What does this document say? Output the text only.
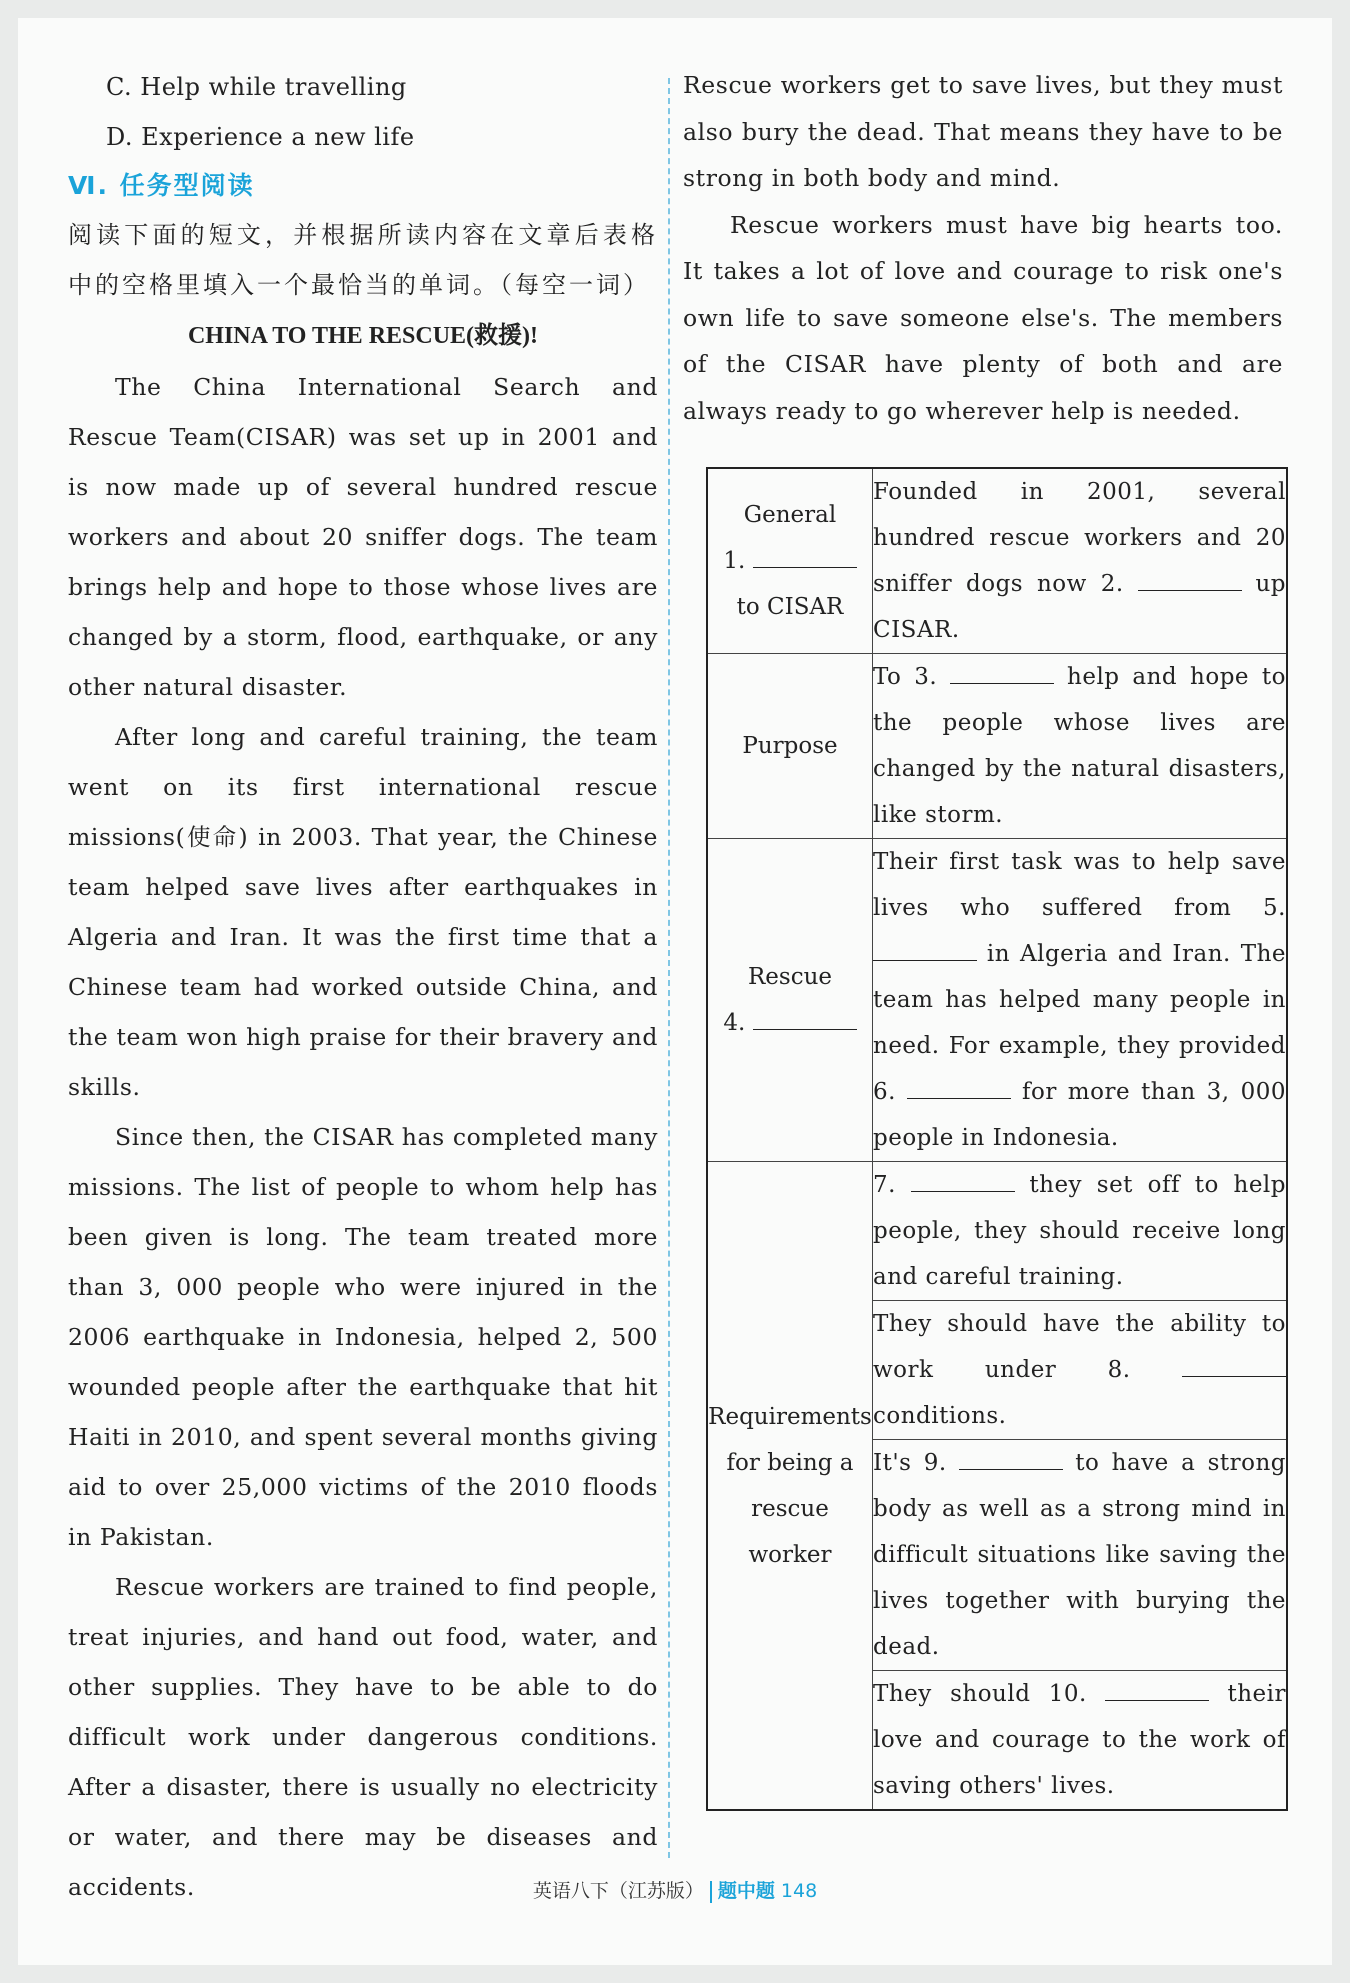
C. Help while travelling
D. Experience a new life
Ⅵ. 任务型阅读
阅读下面的短文，并根据所读内容在文章后表格中的空格里填入一个最恰当的单词。（每空一词）
CHINA TO THE RESCUE(救援)!

The China International Search and Rescue Team(CISAR) was set up in 2001 and is now made up of several hundred rescue workers and about 20 sniffer dogs. The team brings help and hope to those whose lives are changed by a storm, flood, earthquake, or any other natural disaster.

After long and careful training, the team went on its first international rescue missions(使命) in 2003. That year, the Chinese team helped save lives after earthquakes in Algeria and Iran. It was the first time that a Chinese team had worked outside China, and the team won high praise for their bravery and skills.

Since then, the CISAR has completed many missions. The list of people to whom help has been given is long. The team treated more than 3, 000 people who were injured in the 2006 earthquake in Indonesia, helped 2, 500 wounded people after the earthquake that hit Haiti in 2010, and spent several months giving aid to over 25,000 victims of the 2010 floods in Pakistan.

Rescue workers are trained to find people, treat injuries, and hand out food, water, and other supplies. They have to be able to do difficult work under dangerous conditions. After a disaster, there is usually no electricity or water, and there may be diseases and accidents.

Rescue workers get to save lives, but they must also bury the dead. That means they have to be strong in both body and mind.

Rescue workers must have big hearts too. It takes a lot of love and courage to risk one's own life to save someone else's. The members of the CISAR have plenty of both and are always ready to go wherever help is needed.

General
1.
to CISAR	Founded in 2001, several hundred rescue workers and 20 sniffer dogs now 2. up CISAR.
Purpose	To 3. help and hope to the people whose lives are changed by the natural disasters, like storm.

Rescue
4.	Their first task was to help save lives who suffered from 5.  in Algeria and Iran. The team has helped many people in need. For example, they provided 6. for more than 3, 000 people in Indonesia.
Requirements for being a rescue worker	7. they set off to help people, they should receive long and careful training.
	They should have the ability to work under 8.  conditions.
	It's 9. to have a strong body as well as a strong mind in difficult situations like saving the lives together with burying the dead.
	They should 10. their love and courage to the work of saving others' lives.
英语八下（江苏版） 题中题 148
